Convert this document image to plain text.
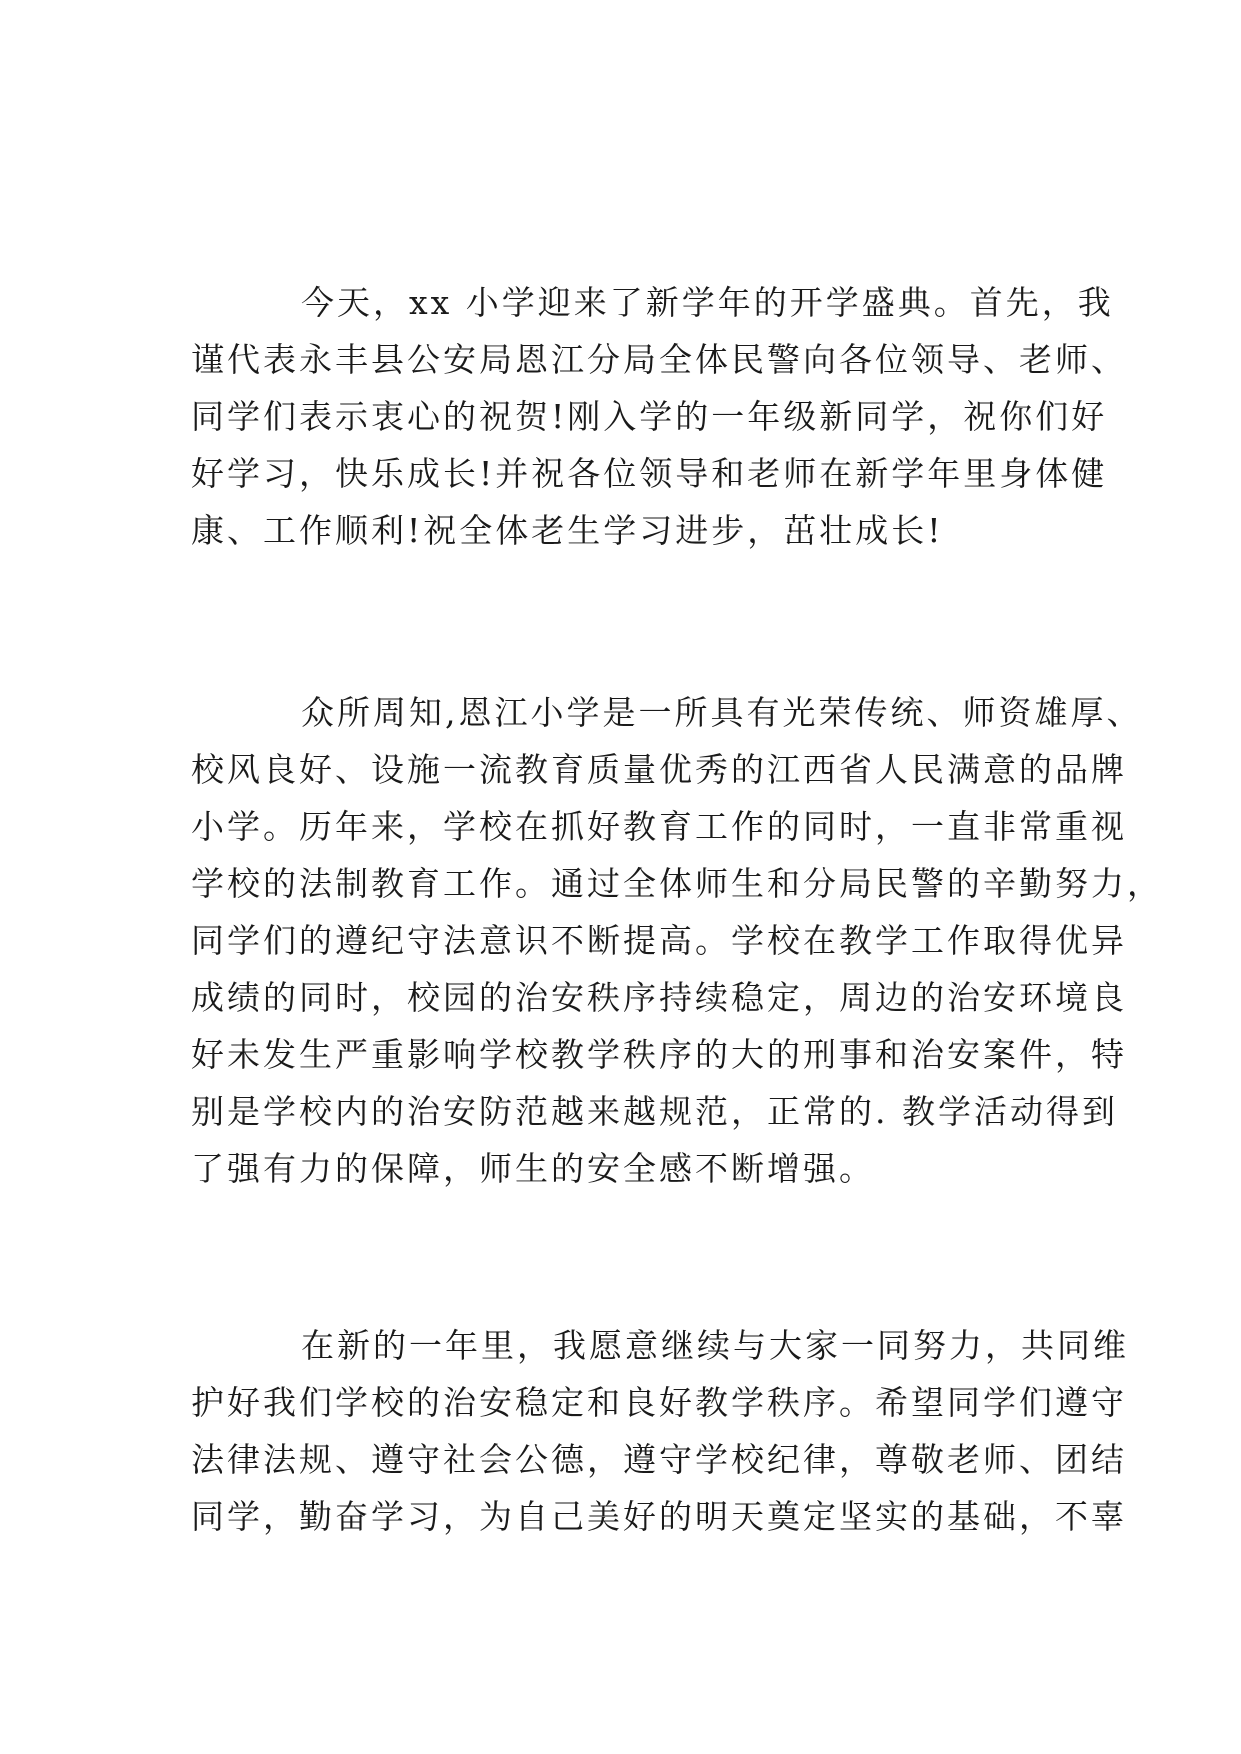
今天，xx 小学迎来了新学年的开学盛典。首先，我
谨代表永丰县公安局恩江分局全体民警向各位领导、老师、
同学们表示衷心的祝贺!刚入学的一年级新同学，祝你们好
好学习，快乐成长!并祝各位领导和老师在新学年里身体健
康、工作顺利!祝全体老生学习进步，茁壮成长!
众所周知,恩江小学是一所具有光荣传统、师资雄厚、
校风良好、设施一流教育质量优秀的江西省人民满意的品牌
小学。历年来，学校在抓好教育工作的同时，一直非常重视
学校的法制教育工作。通过全体师生和分局民警的辛勤努力，
同学们的遵纪守法意识不断提高。学校在教学工作取得优异
成绩的同时，校园的治安秩序持续稳定，周边的治安环境良
好未发生严重影响学校教学秩序的大的刑事和治安案件，特
别是学校内的治安防范越来越规范，正常的. 教学活动得到
了强有力的保障，师生的安全感不断增强。
在新的一年里，我愿意继续与大家一同努力，共同维
护好我们学校的治安稳定和良好教学秩序。希望同学们遵守
法律法规、遵守社会公德，遵守学校纪律，尊敬老师、团结
同学，勤奋学习，为自己美好的明天奠定坚实的基础，不辜
